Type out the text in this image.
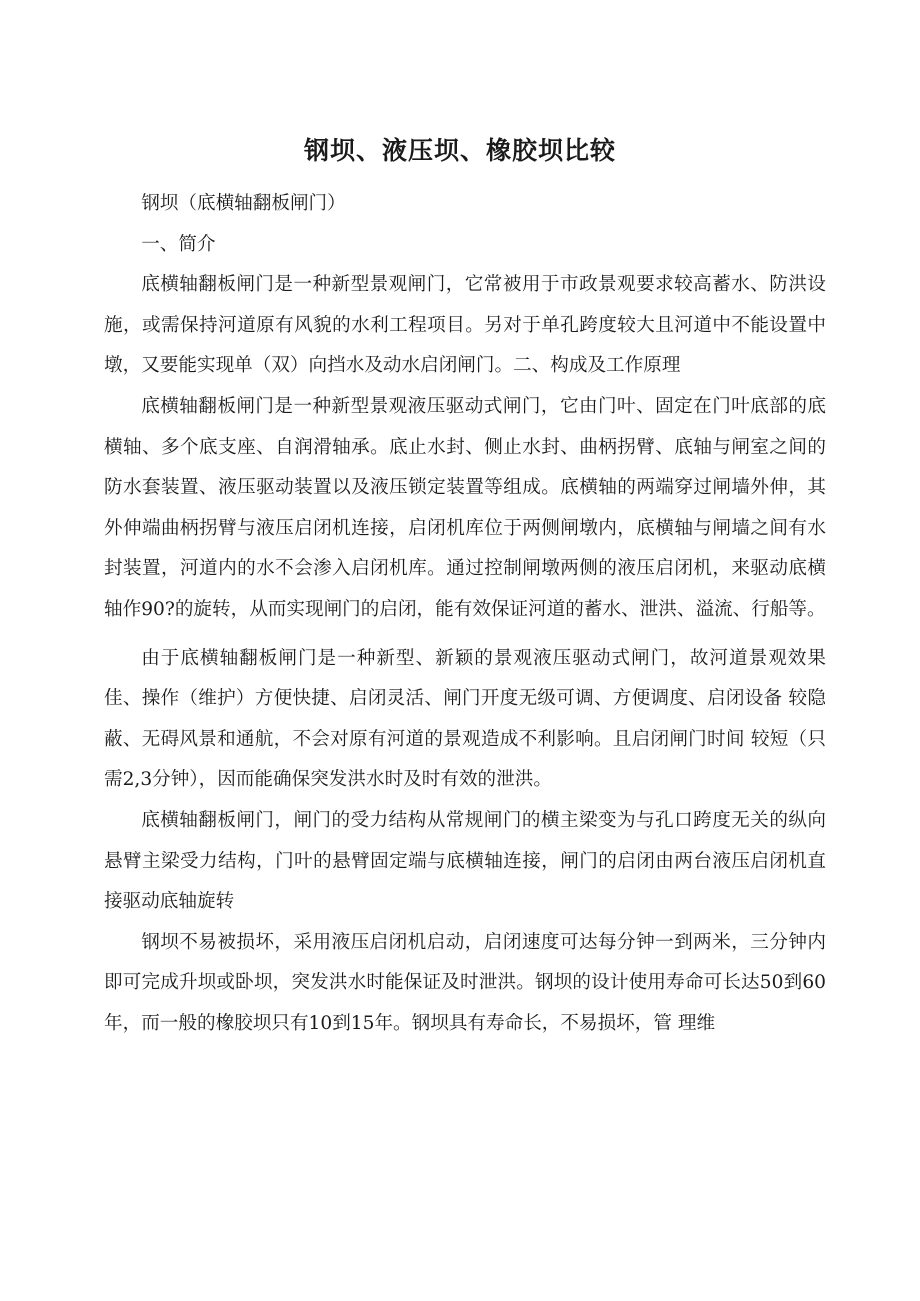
钢坝、液压坝、橡胶坝比较

钢坝（底横轴翻板闸门）

一、简介

底横轴翻板闸门是一种新型景观闸门，它常被用于市政景观要求较高蓄水、防洪设施，或需保持河道原有风貌的水利工程项目。另对于单孔跨度较大且河道中不能设置中墩，又要能实现单（双）向挡水及动水启闭闸门。二、构成及工作原理

底横轴翻板闸门是一种新型景观液压驱动式闸门，它由门叶、固定在门叶底部的底横轴、多个底支座、自润滑轴承。底止水封、侧止水封、曲柄拐臂、底轴与闸室之间的防水套装置、液压驱动装置以及液压锁定装置等组成。底横轴的两端穿过闸墙外伸，其外伸端曲柄拐臂与液压启闭机连接，启闭机库位于两侧闸墩内，底横轴与闸墙之间有水封装置，河道内的水不会渗入启闭机库。通过控制闸墩两侧的液压启闭机，来驱动底横轴作90?的旋转，从而实现闸门的启闭，能有效保证河道的蓄水、泄洪、溢流、行船等。

由于底横轴翻板闸门是一种新型、新颖的景观液压驱动式闸门，故河道景观效果佳、操作（维护）方便快捷、启闭灵活、闸门开度无级可调、方便调度、启闭设备 较隐蔽、无碍风景和通航，不会对原有河道的景观造成不利影响。且启闭闸门时间 较短（只需2,3分钟），因而能确保突发洪水时及时有效的泄洪。

底横轴翻板闸门，闸门的受力结构从常规闸门的横主梁变为与孔口跨度无关的纵向悬臂主梁受力结构，门叶的悬臂固定端与底横轴连接，闸门的启闭由两台液压启闭机直接驱动底轴旋转

钢坝不易被损坏，采用液压启闭机启动，启闭速度可达每分钟一到两米，三分钟内即可完成升坝或卧坝，突发洪水时能保证及时泄洪。钢坝的设计使用寿命可长达50到60年，而一般的橡胶坝只有10到15年。钢坝具有寿命长，不易损坏，管 理维
